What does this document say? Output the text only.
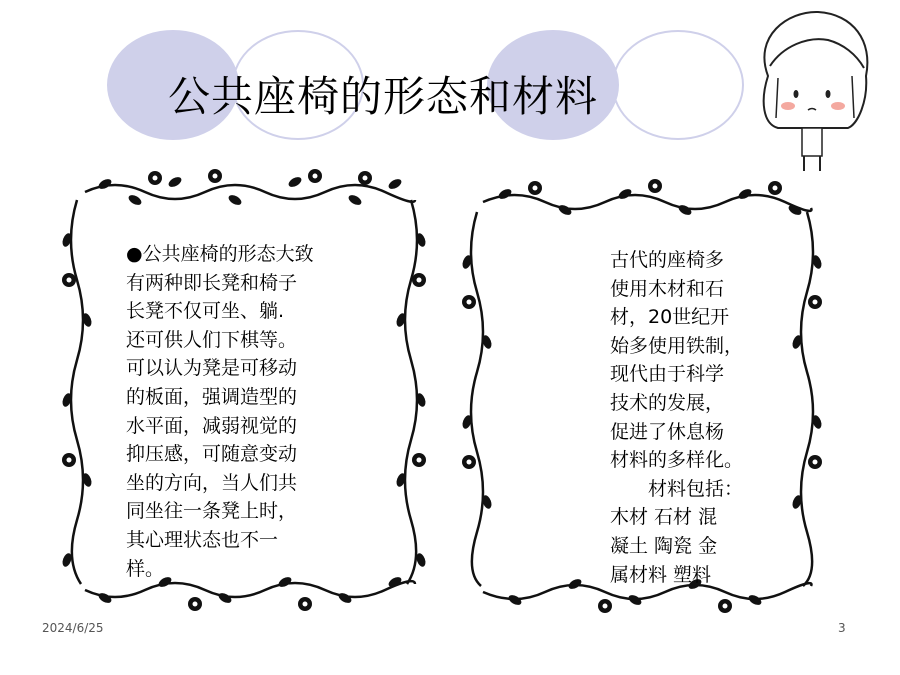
公共座椅的形态和材料
●公共座椅的形态大致
有两种即长凳和椅子
长凳不仅可坐、躺.
还可供人们下棋等。
可以认为凳是可移动
的板面，强调造型的
水平面，减弱视觉的
抑压感，可随意变动
坐的方向，当人们共
同坐往一条凳上时，
其心理状态也不一
样。
古代的座椅多
使用木材和石
材，20世纪开
始多使用铁制，
现代由于科学
技术的发展，
促进了休息杨
材料的多样化。
　　材料包括：
木材 石材 混
凝土 陶瓷 金
属材料 塑料
2024/6/25	3
